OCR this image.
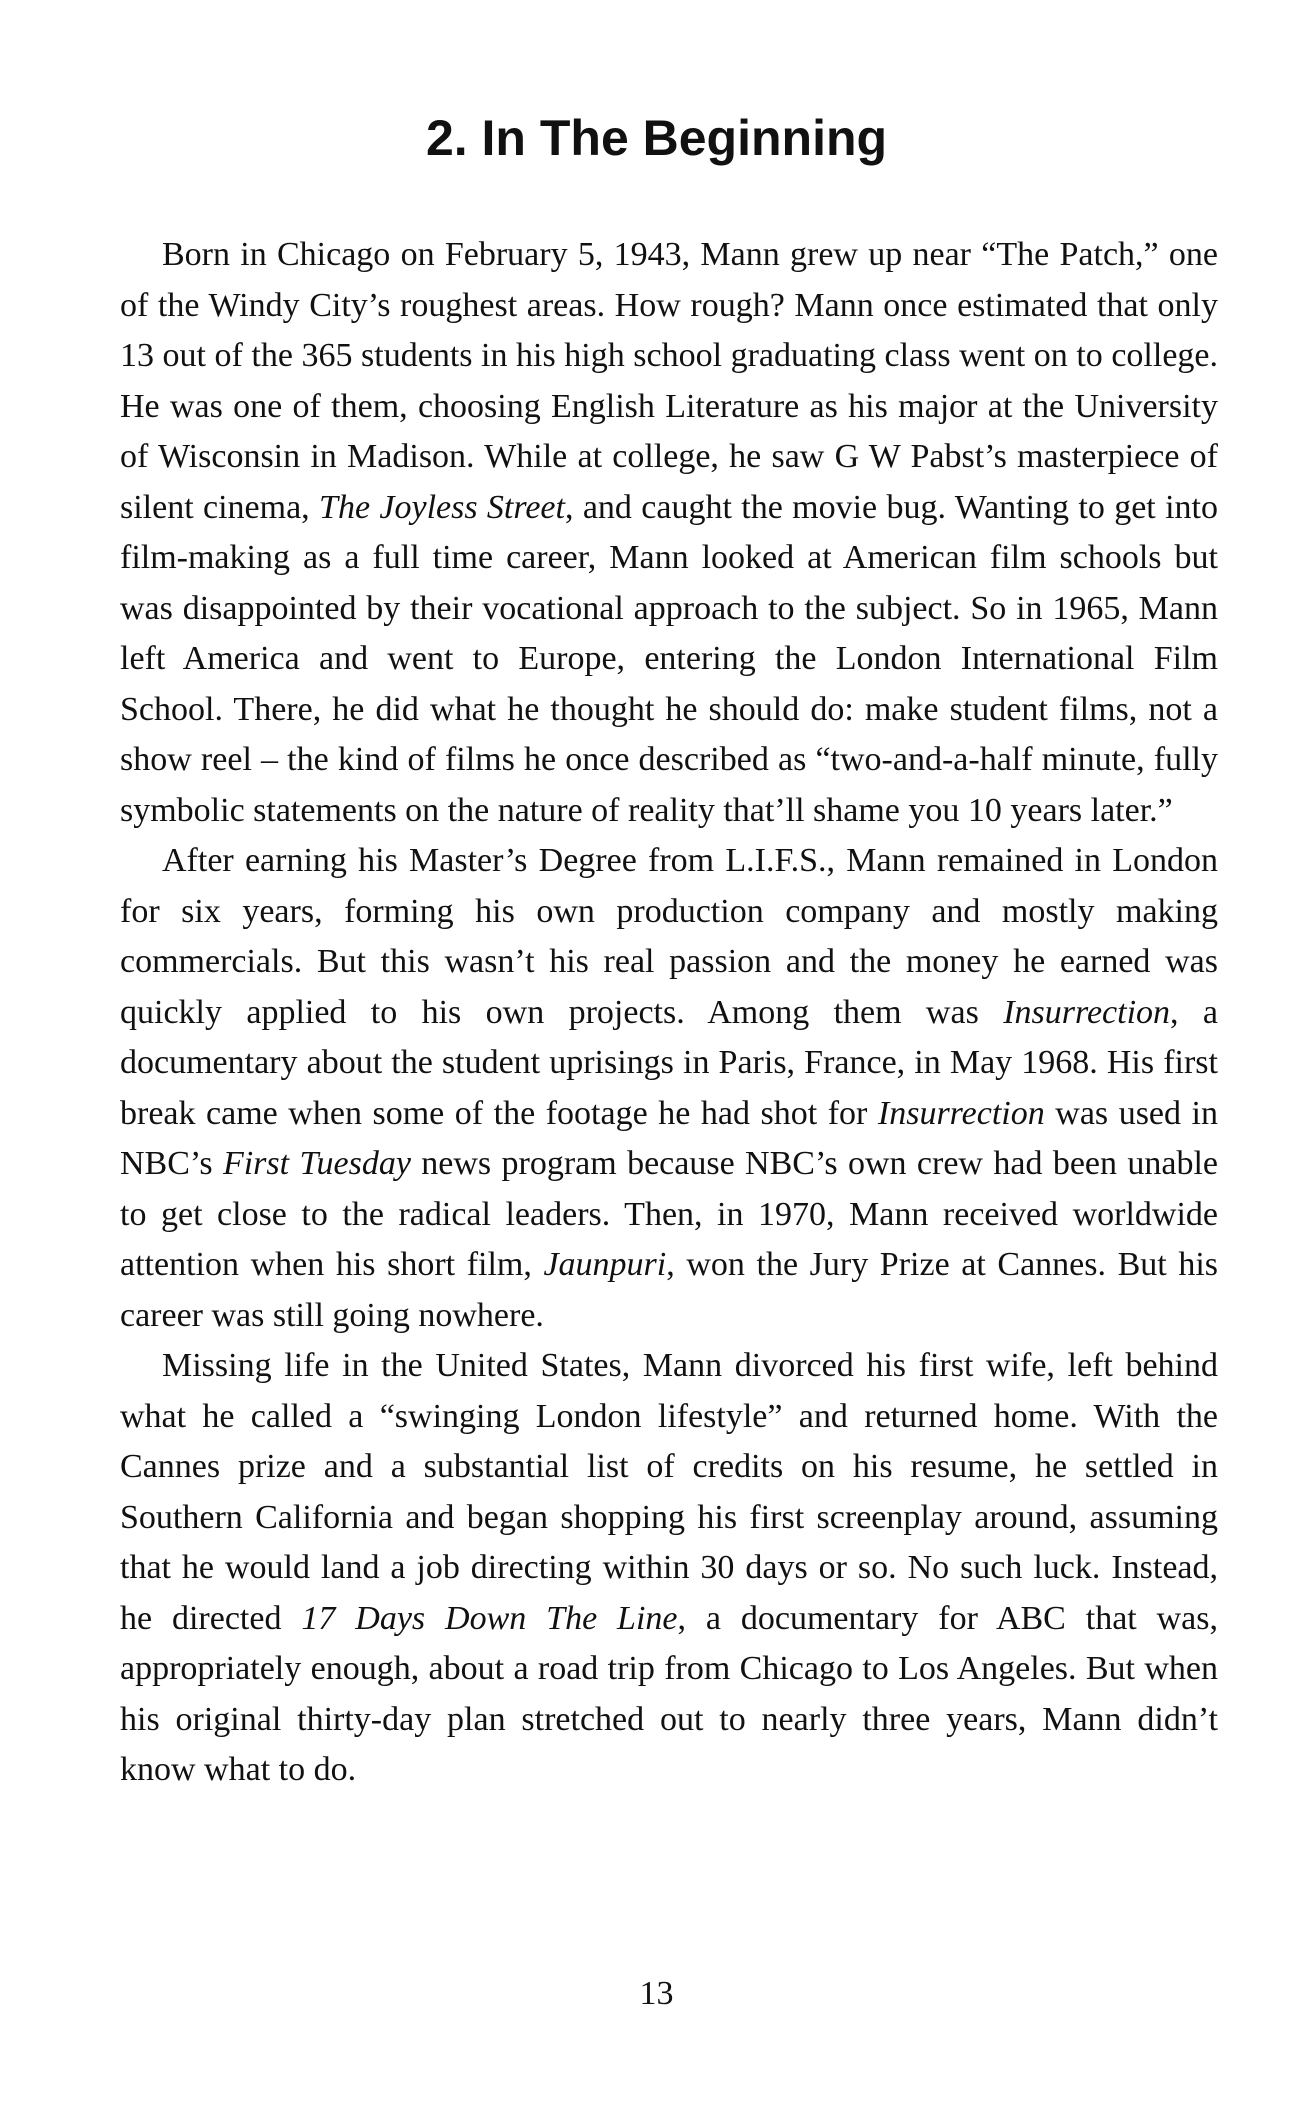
2. In The Beginning

Born in Chicago on February 5, 1943, Mann grew up near “The Patch,” one of the Windy City’s roughest areas. How rough? Mann once estimated that only 13 out of the 365 students in his high school graduating class went on to college. He was one of them, choosing English Literature as his major at the University of Wisconsin in Madison. While at college, he saw G W Pabst’s masterpiece of silent cinema, The Joyless Street, and caught the movie bug. Wanting to get into film-making as a full time career, Mann looked at American film schools but was disappointed by their vocational approach to the subject. So in 1965, Mann left America and went to Europe, entering the London International Film School. There, he did what he thought he should do: make student films, not a show reel – the kind of films he once described as “two-and-a-half minute, fully symbolic statements on the nature of reality that’ll shame you 10 years later.”

After earning his Master’s Degree from L.I.F.S., Mann remained in London for six years, forming his own production company and mostly making commercials. But this wasn’t his real passion and the money he earned was quickly applied to his own projects. Among them was Insurrection, a documentary about the student uprisings in Paris, France, in May 1968. His first break came when some of the footage he had shot for Insurrection was used in NBC’s First Tuesday news program because NBC’s own crew had been unable to get close to the radical leaders. Then, in 1970, Mann received worldwide attention when his short film, Jaunpuri, won the Jury Prize at Cannes. But his career was still going nowhere.

Missing life in the United States, Mann divorced his first wife, left behind what he called a “swinging London lifestyle” and returned home. With the Cannes prize and a substantial list of credits on his resume, he settled in Southern California and began shopping his first screenplay around, assuming that he would land a job directing within 30 days or so. No such luck. Instead, he directed 17 Days Down The Line, a documentary for ABC that was, appropriately enough, about a road trip from Chicago to Los Angeles. But when his original thirty-day plan stretched out to nearly three years, Mann didn’t know what to do.

13
